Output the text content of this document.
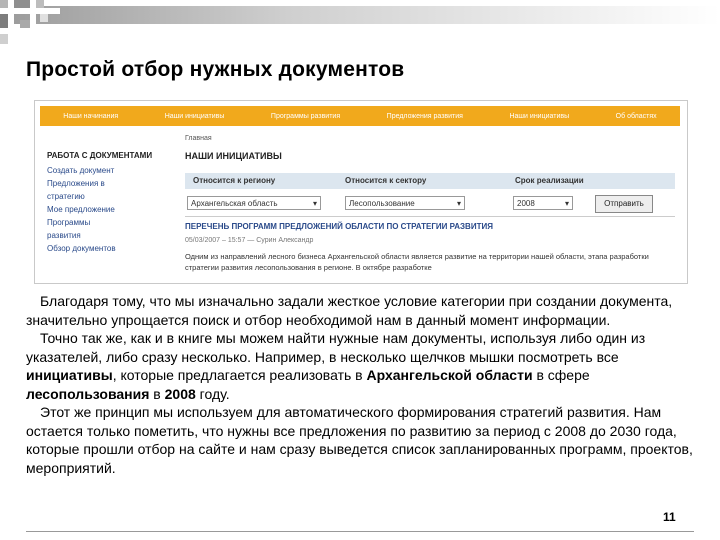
Простой отбор нужных документов
Наши начинания	Наши инициативы	Программы развития	Предложения развития	Наши инициативы	Об областях
РАБОТА С ДОКУМЕНТАМИ
Создать документ
Предложения в
стратегию
Мое предложение
Программы
развития
Обзор документов
Главная
НАШИ ИНИЦИАТИВЫ
Относится к региону	Относится к сектору	Срок реализации
Архангельская область ▾	Лесопользование ▾	2008 ▾	Отправить
ПЕРЕЧЕНЬ ПРОГРАММ ПРЕДЛОЖЕНИЙ ОБЛАСТИ ПО СТРАТЕГИИ РАЗВИТИЯ
05/03/2007 – 15:57 — Сурин Александр
Одним из направлений лесного бизнеса Архангельской области является развитие на территории нашей области, этапа разработки стратегии развития лесопользования в регионе. В октябре разработке

Благодаря тому, что мы изначально задали жесткое условие категории при создании документа, значительно упрощается поиск и отбор необходимой нам в данный момент информации.

Точно так же, как и в книге мы можем найти нужные нам документы, используя либо один из указателей, либо сразу несколько. Например, в несколько щелчков мышки посмотреть все инициативы, которые предлагается реализовать в Архангельской области в сфере лесопользования в 2008 году.

Этот же принцип мы используем для автоматического формирования стратегий развития. Нам остается только пометить, что нужны все предложения по развитию за период с 2008 до 2030 года, которые прошли отбор на сайте и нам сразу выведется список запланированных программ, проектов, мероприятий.

11
